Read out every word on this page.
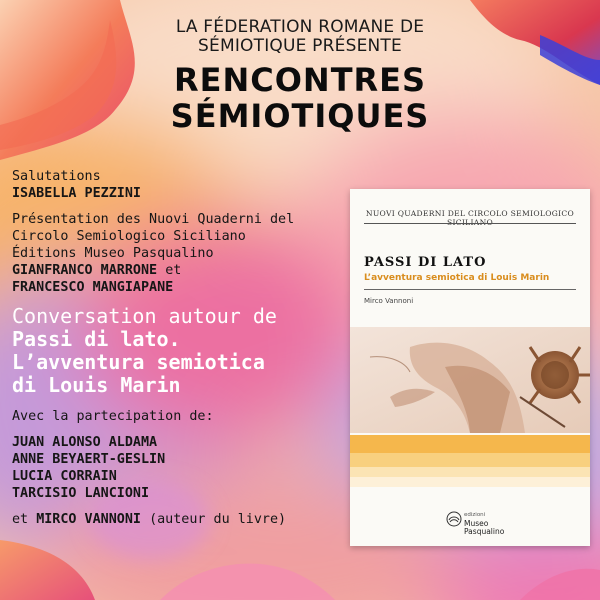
LA FÉDERATION ROMANE DE
SÉMIOTIQUE PRÉSENTE
RENCONTRES
SÉMIOTIQUES
Salutations
ISABELLA PEZZINI
Présentation des Nuovi Quaderni del
Circolo Semiologico Siciliano
Éditions Museo Pasqualino
GIANFRANCO MARRONE et
FRANCESCO MANGIAPANE
Conversation autour de
Passi di lato.
L’avventura semiotica
di Louis Marin
Avec la partecipation de:
JUAN ALONSO ALDAMA
ANNE BEYAERT-GESLIN
LUCIA CORRAIN
TARCISIO LANCIONI
et MIRCO VANNONI (auteur du livre)
NUOVI QUADERNI DEL CIRCOLO SEMIOLOGICO
PASSI DI LATO
L’avventura semiotica di Louis Marin
Mirco Vannoni
edizioni
Museo
Pasqualino
